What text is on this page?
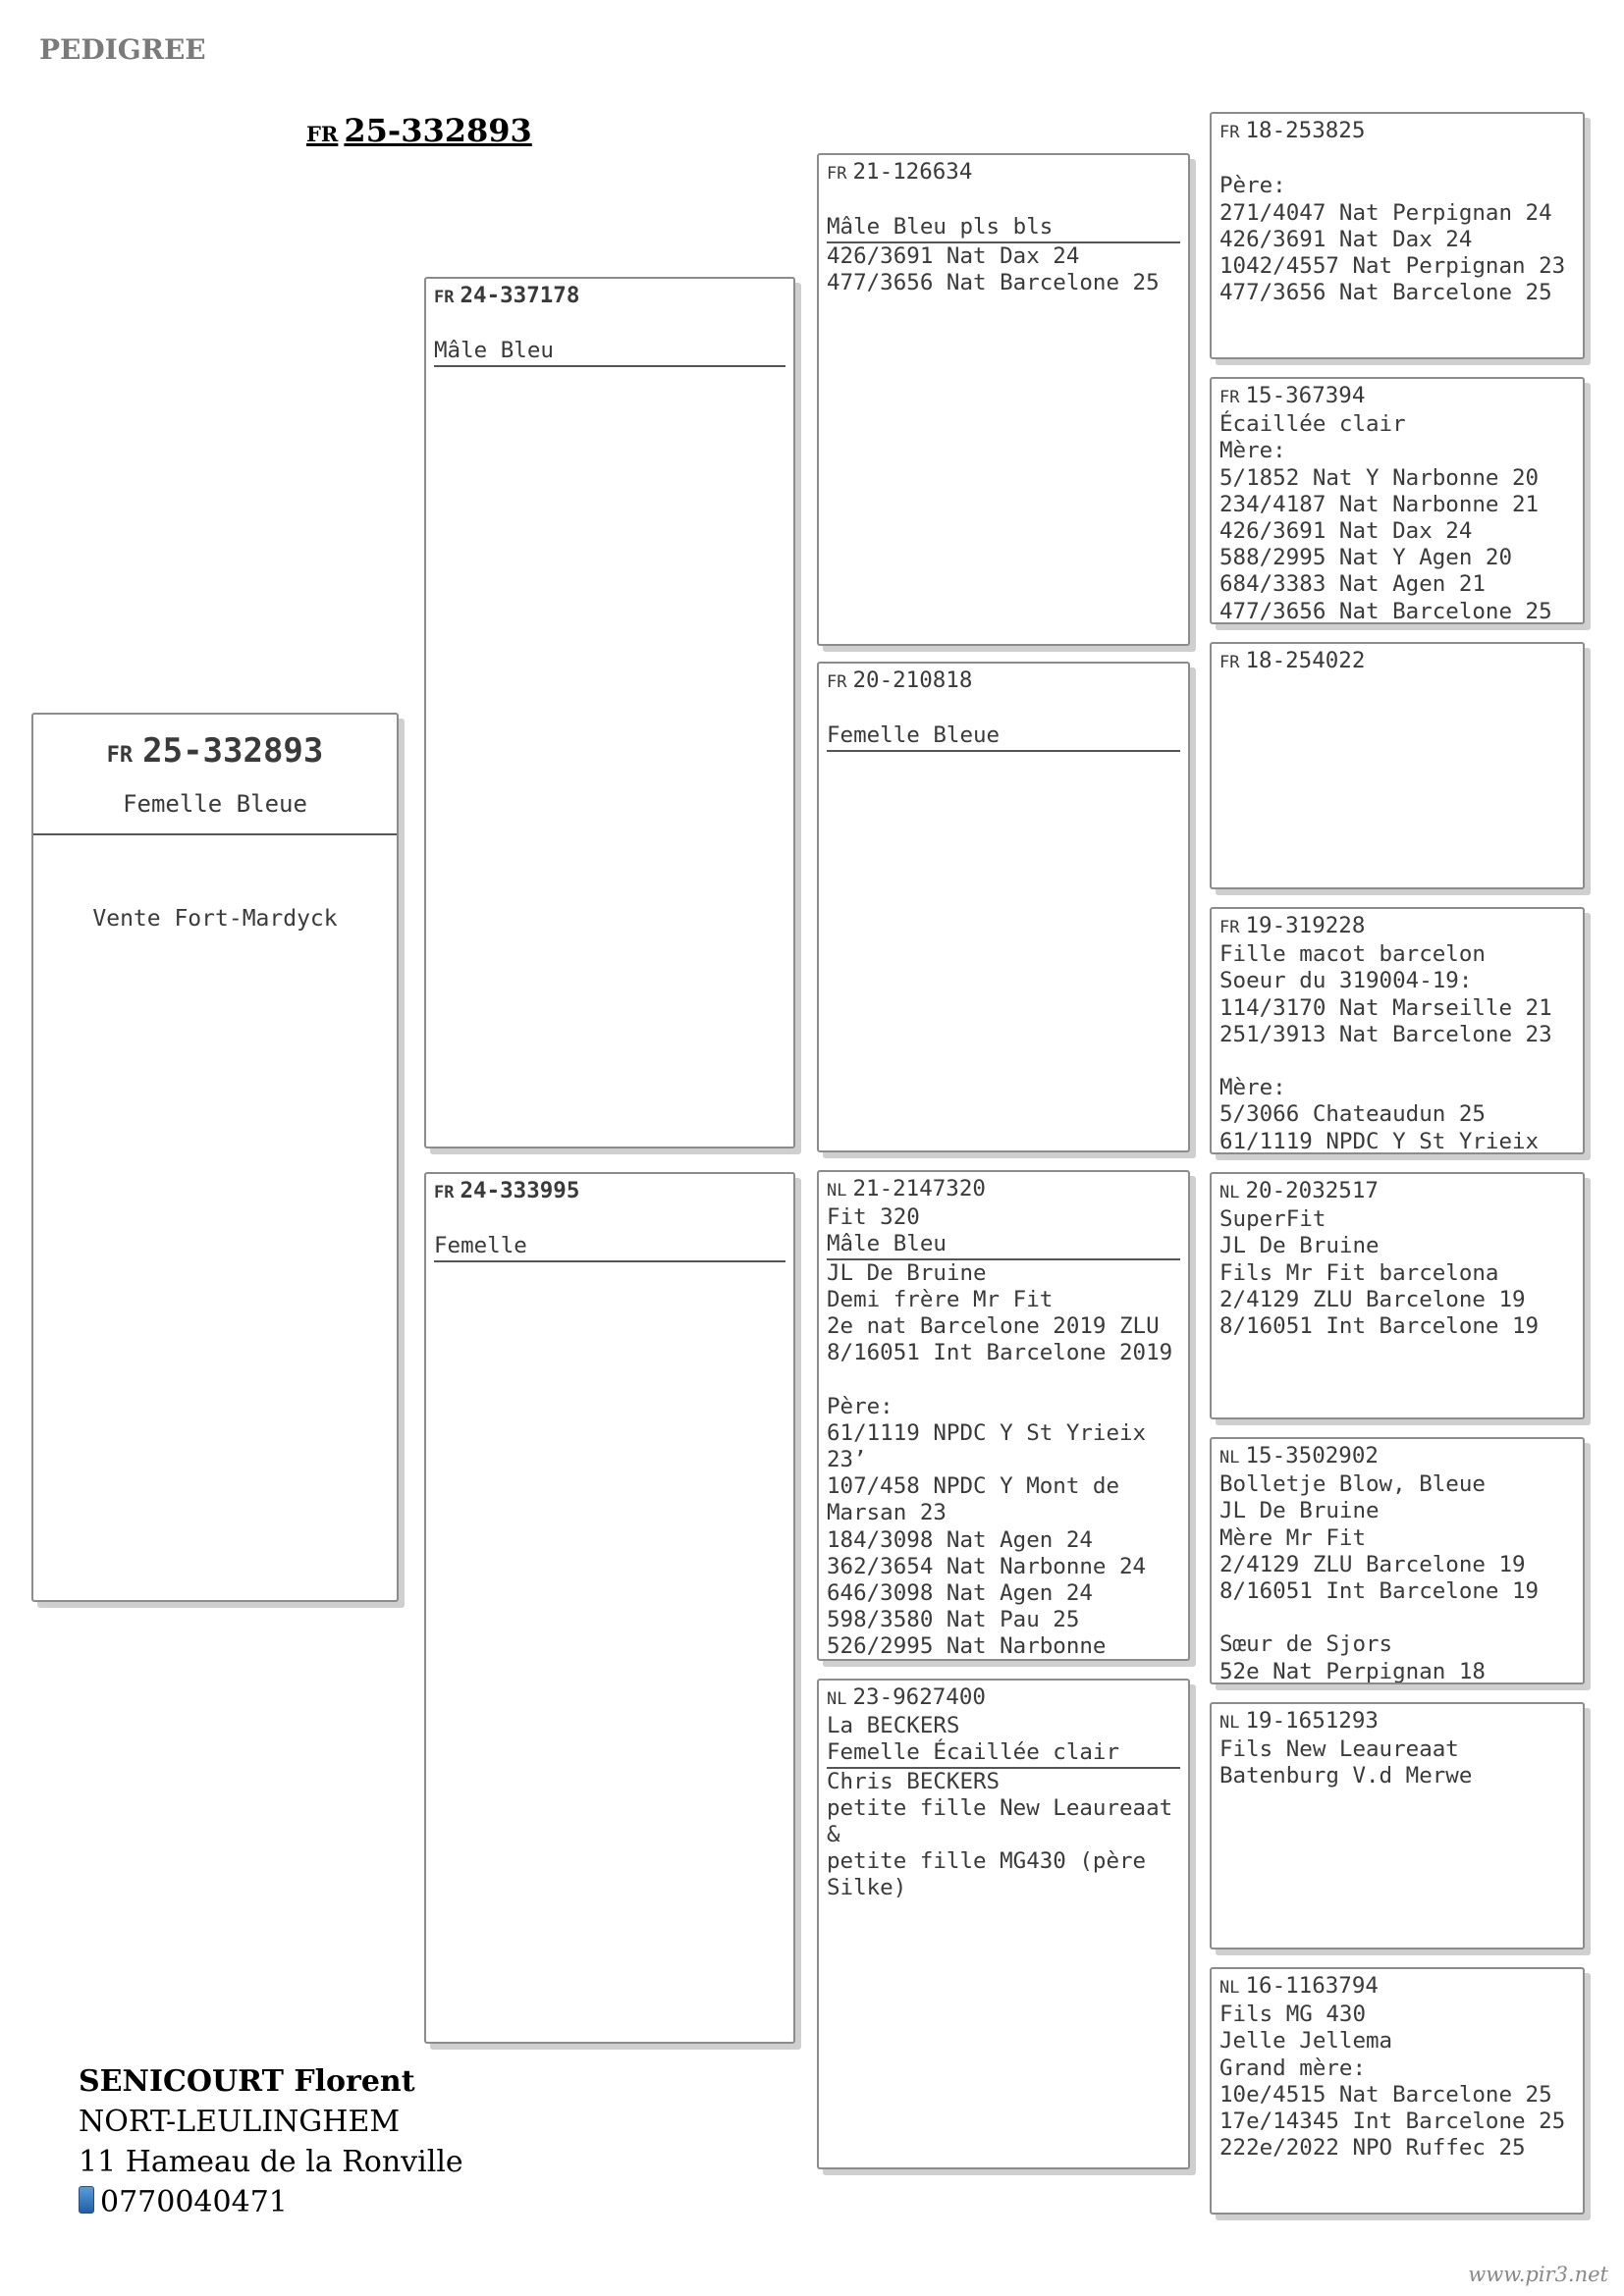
PEDIGREE
FR 25-332893
FR 25-332893
Femelle Bleue
Vente Fort-Mardyck
FR 24-337178
Mâle Bleu
FR 24-333995
Femelle
FR 21-126634
Mâle Bleu pls bls
426/3691 Nat Dax 24
477/3656 Nat Barcelone 25
FR 20-210818
Femelle Bleue
NL 21-2147320
Fit 320
Mâle Bleu
JL De Bruine
Demi frère Mr Fit
2e nat Barcelone 2019 ZLU
8/16051 Int Barcelone 2019
Père:
61/1119 NPDC Y St Yrieix
23’
107/458 NPDC Y Mont de
Marsan 23
184/3098 Nat Agen 24
362/3654 Nat Narbonne 24
646/3098 Nat Agen 24
598/3580 Nat Pau 25
526/2995 Nat Narbonne
NL 23-9627400
La BECKERS
Femelle Écaillée clair
Chris BECKERS
petite fille New Leaureaat
&
petite fille MG430 (père
Silke)
FR 18-253825
Père:
271/4047 Nat Perpignan 24
426/3691 Nat Dax 24
1042/4557 Nat Perpignan 23
477/3656 Nat Barcelone 25
FR 15-367394
Écaillée clair
Mère:
5/1852 Nat Y Narbonne 20
234/4187 Nat Narbonne 21
426/3691 Nat Dax 24
588/2995 Nat Y Agen 20
684/3383 Nat Agen 21
477/3656 Nat Barcelone 25
FR 18-254022
FR 19-319228
Fille macot barcelon
Soeur du 319004-19:
114/3170 Nat Marseille 21
251/3913 Nat Barcelone 23
Mère:
5/3066 Chateaudun 25
61/1119 NPDC Y St Yrieix
NL 20-2032517
SuperFit
JL De Bruine
Fils Mr Fit barcelona
2/4129 ZLU Barcelone 19
8/16051 Int Barcelone 19
NL 15-3502902
Bolletje Blow, Bleue
JL De Bruine
Mère Mr Fit
2/4129 ZLU Barcelone 19
8/16051 Int Barcelone 19
Sœur de Sjors
52e Nat Perpignan 18
NL 19-1651293
Fils New Leaureaat
Batenburg V.d Merwe
NL 16-1163794
Fils MG 430
Jelle Jellema
Grand mère:
10e/4515 Nat Barcelone 25
17e/14345 Int Barcelone 25
222e/2022 NPO Ruffec 25
SENICOURT Florent
NORT-LEULINGHEM
11 Hameau de la Ronville
0770040471
www.pir3.net
